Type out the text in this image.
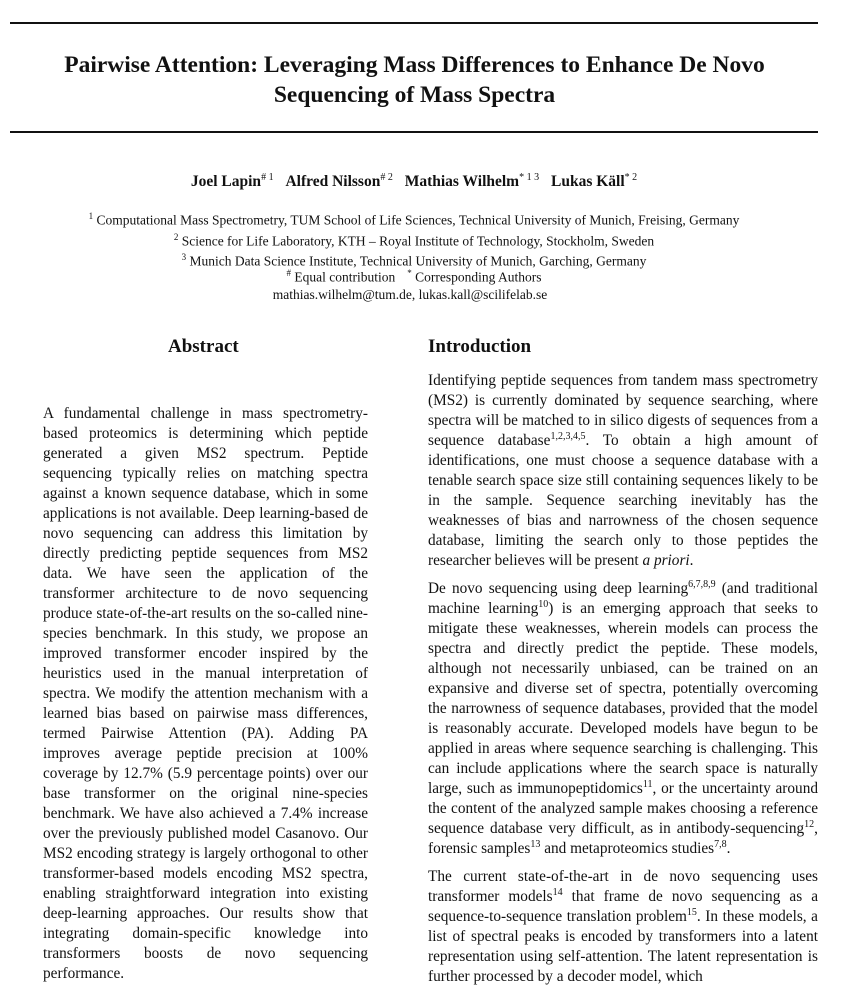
Pairwise Attention: Leveraging Mass Differences to Enhance De Novo Sequencing of Mass Spectra
Joel Lapin$^{\# 1}$ Alfred Nilsson$^{\# 2}$ Mathias Wilhelm$^{* 1 3}$ Lukas Käll$^{* 2}$
$^1$ Computational Mass Spectrometry, TUM School of Life Sciences, Technical University of Munich, Freising, Germany
$^2$ Science for Life Laboratory, KTH – Royal Institute of Technology, Stockholm, Sweden
$^3$ Munich Data Science Institute, Technical University of Munich, Garching, Germany
# Equal contribution * Corresponding Authors
mathias.wilhelm@tum.de, lukas.kall@scilifelab.se
Abstract

A fundamental challenge in mass spectrometry-based proteomics is determining which peptide generated a given MS2 spectrum. Peptide sequencing typically relies on matching spectra against a known sequence database, which in some applications is not available. Deep learning-based de novo sequencing can address this limitation by directly predicting peptide sequences from MS2 data. We have seen the application of the transformer architecture to de novo sequencing produce state-of-the-art results on the so-called nine-species benchmark. In this study, we propose an improved transformer encoder inspired by the heuristics used in the manual interpretation of spectra. We modify the attention mechanism with a learned bias based on pairwise mass differences, termed Pairwise Attention (PA). Adding PA improves average peptide precision at 100% coverage by 12.7% (5.9 percentage points) over our base transformer on the original nine-species benchmark. We have also achieved a 7.4% increase over the previously published model Casanovo. Our MS2 encoding strategy is largely orthogonal to other transformer-based models encoding MS2 spectra, enabling straightforward integration into existing deep-learning approaches. Our results show that integrating domain-specific knowledge into transformers boosts de novo sequencing performance.

Introduction

Identifying peptide sequences from tandem mass spectrometry (MS2) is currently dominated by sequence searching, where spectra will be matched to in silico digests of sequences from a sequence database$^{1,2,3,4,5}$. To obtain a high amount of identifications, one must choose a sequence database with a tenable search space size still containing sequences likely to be in the sample. Sequence searching inevitably has the weaknesses of bias and narrowness of the chosen sequence database, limiting the search only to those peptides the researcher believes will be present a priori.

De novo sequencing using deep learning$^{6,7,8,9}$ (and traditional machine learning$^{10}$) is an emerging approach that seeks to mitigate these weaknesses, wherein models can process the spectra and directly predict the peptide. These models, although not necessarily unbiased, can be trained on an expansive and diverse set of spectra, potentially overcoming the narrowness of sequence databases, provided that the model is reasonably accurate. Developed models have begun to be applied in areas where sequence searching is challenging. This can include applications where the search space is naturally large, such as immunopeptidomics$^{11}$, or the uncertainty around the content of the analyzed sample makes choosing a reference sequence database very difficult, as in antibody-sequencing$^{12}$, forensic samples$^{13}$ and metaproteomics studies$^{7,8}$.

The current state-of-the-art in de novo sequencing uses transformer models$^{14}$ that frame de novo sequencing as a sequence-to-sequence translation problem$^{15}$. In these models, a list of spectral peaks is encoded by transformers into a latent representation using self-attention. The latent representation is further processed by a decoder model, which
